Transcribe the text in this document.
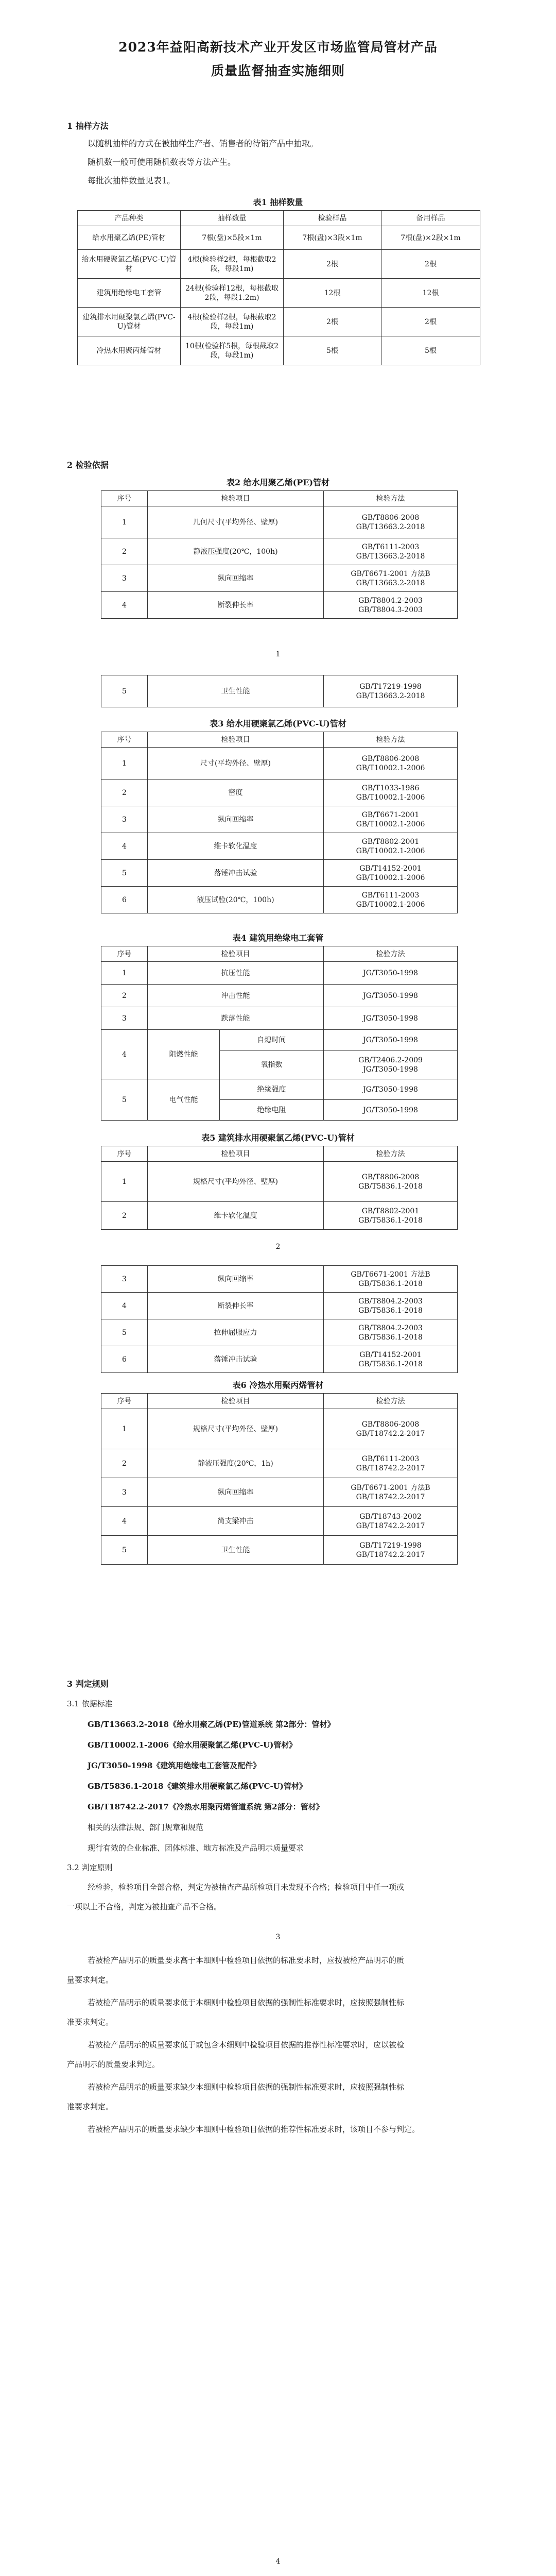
2023年益阳高新技术产业开发区市场监管局管材产品
质量监督抽查实施细则
1 抽样方法
以随机抽样的方式在被抽样生产者、销售者的待销产品中抽取。
随机数一般可使用随机数表等方法产生。
每批次抽样数量见表1。
表1 抽样数量
产品种类	抽样数量	检验样品	备用样品
给水用聚乙烯(PE)管材	7根(盘)×5段×1m	7根(盘)×3段×1m	7根(盘)×2段×1m
给水用硬聚氯乙烯(PVC-U)管材	4根(检验样2根，每根截取2段，每段1m)	2根	2根
建筑用绝缘电工套管	24根(检验样12根，每根截取2段，每段1.2m)	12根	12根
建筑排水用硬聚氯乙烯(PVC-U)管材	4根(检验样2根，每根截取2段，每段1m)	2根	2根
冷热水用聚丙烯管材	10根(检验样5根，每根截取2段，每段1m)	5根	5根
2 检验依据
表2 给水用聚乙烯(PE)管材
序号	检验项目	检验方法
1	几何尺寸(平均外径、壁厚)	GB/T8806-2008
GB/T13663.2-2018
2	静液压强度(20℃，100h)	GB/T6111-2003
GB/T13663.2-2018
3	纵向回缩率	GB/T6671-2001 方法B
GB/T13663.2-2018
4	断裂伸长率	GB/T8804.2-2003
GB/T8804.3-2003
1
5	卫生性能	GB/T17219-1998
GB/T13663.2-2018
表3 给水用硬聚氯乙烯(PVC-U)管材
序号	检验项目	检验方法
1	尺寸(平均外径、壁厚)	GB/T8806-2008
GB/T10002.1-2006
2	密度	GB/T1033-1986
GB/T10002.1-2006
3	纵向回缩率	GB/T6671-2001
GB/T10002.1-2006
4	维卡软化温度	GB/T8802-2001
GB/T10002.1-2006
5	落锤冲击试验	GB/T14152-2001
GB/T10002.1-2006
6	液压试验(20℃，100h)	GB/T6111-2003
GB/T10002.1-2006
表4 建筑用绝缘电工套管
序号	检验项目		检验方法
1	抗压性能		JG/T3050-1998
2	冲击性能		JG/T3050-1998
3	跌落性能		JG/T3050-1998
4	阻燃性能	自熄时间	JG/T3050-1998
		氧指数	GB/T2406.2-2009
JG/T3050-1998
5	电气性能	绝缘强度	JG/T3050-1998
		绝缘电阻	JG/T3050-1998
表5 建筑排水用硬聚氯乙烯(PVC-U)管材
序号	检验项目	检验方法
1	规格尺寸(平均外径、壁厚)	GB/T8806-2008
GB/T5836.1-2018
2	维卡软化温度	GB/T8802-2001
GB/T5836.1-2018
2
3	纵向回缩率	GB/T6671-2001 方法B
GB/T5836.1-2018
4	断裂伸长率	GB/T8804.2-2003
GB/T5836.1-2018
5	拉伸屈服应力	GB/T8804.2-2003
GB/T5836.1-2018
6	落锤冲击试验	GB/T14152-2001
GB/T5836.1-2018
表6 冷热水用聚丙烯管材
序号	检验项目	检验方法
1	规格尺寸(平均外径、壁厚)	GB/T8806-2008
GB/T18742.2-2017
2	静液压强度(20℃，1h)	GB/T6111-2003
GB/T18742.2-2017
3	纵向回缩率	GB/T6671-2001 方法B
GB/T18742.2-2017
4	简支梁冲击	GB/T18743-2002
GB/T18742.2-2017
5	卫生性能	GB/T17219-1998
GB/T18742.2-2017
3 判定规则
3.1 依据标准
GB/T13663.2-2018《给水用聚乙烯(PE)管道系统 第2部分：管材》
GB/T10002.1-2006《给水用硬聚氯乙烯(PVC-U)管材》
JG/T3050-1998《建筑用绝缘电工套管及配件》
GB/T5836.1-2018《建筑排水用硬聚氯乙烯(PVC-U)管材》
GB/T18742.2-2017《冷热水用聚丙烯管道系统 第2部分：管材》
相关的法律法规、部门规章和规范
现行有效的企业标准、团体标准、地方标准及产品明示质量要求
3.2 判定原则
经检验，检验项目全部合格，判定为被抽查产品所检项目未发现不合格；检验项目中任一项或
一项以上不合格，判定为被抽查产品不合格。
3
若被检产品明示的质量要求高于本细则中检验项目依据的标准要求时，应按被检产品明示的质
量要求判定。
若被检产品明示的质量要求低于本细则中检验项目依据的强制性标准要求时，应按照强制性标
准要求判定。
若被检产品明示的质量要求低于或包含本细则中检验项目依据的推荐性标准要求时，应以被检
产品明示的质量要求判定。
若被检产品明示的质量要求缺少本细则中检验项目依据的强制性标准要求时，应按照强制性标
准要求判定。
若被检产品明示的质量要求缺少本细则中检验项目依据的推荐性标准要求时，该项目不参与判定。
4
